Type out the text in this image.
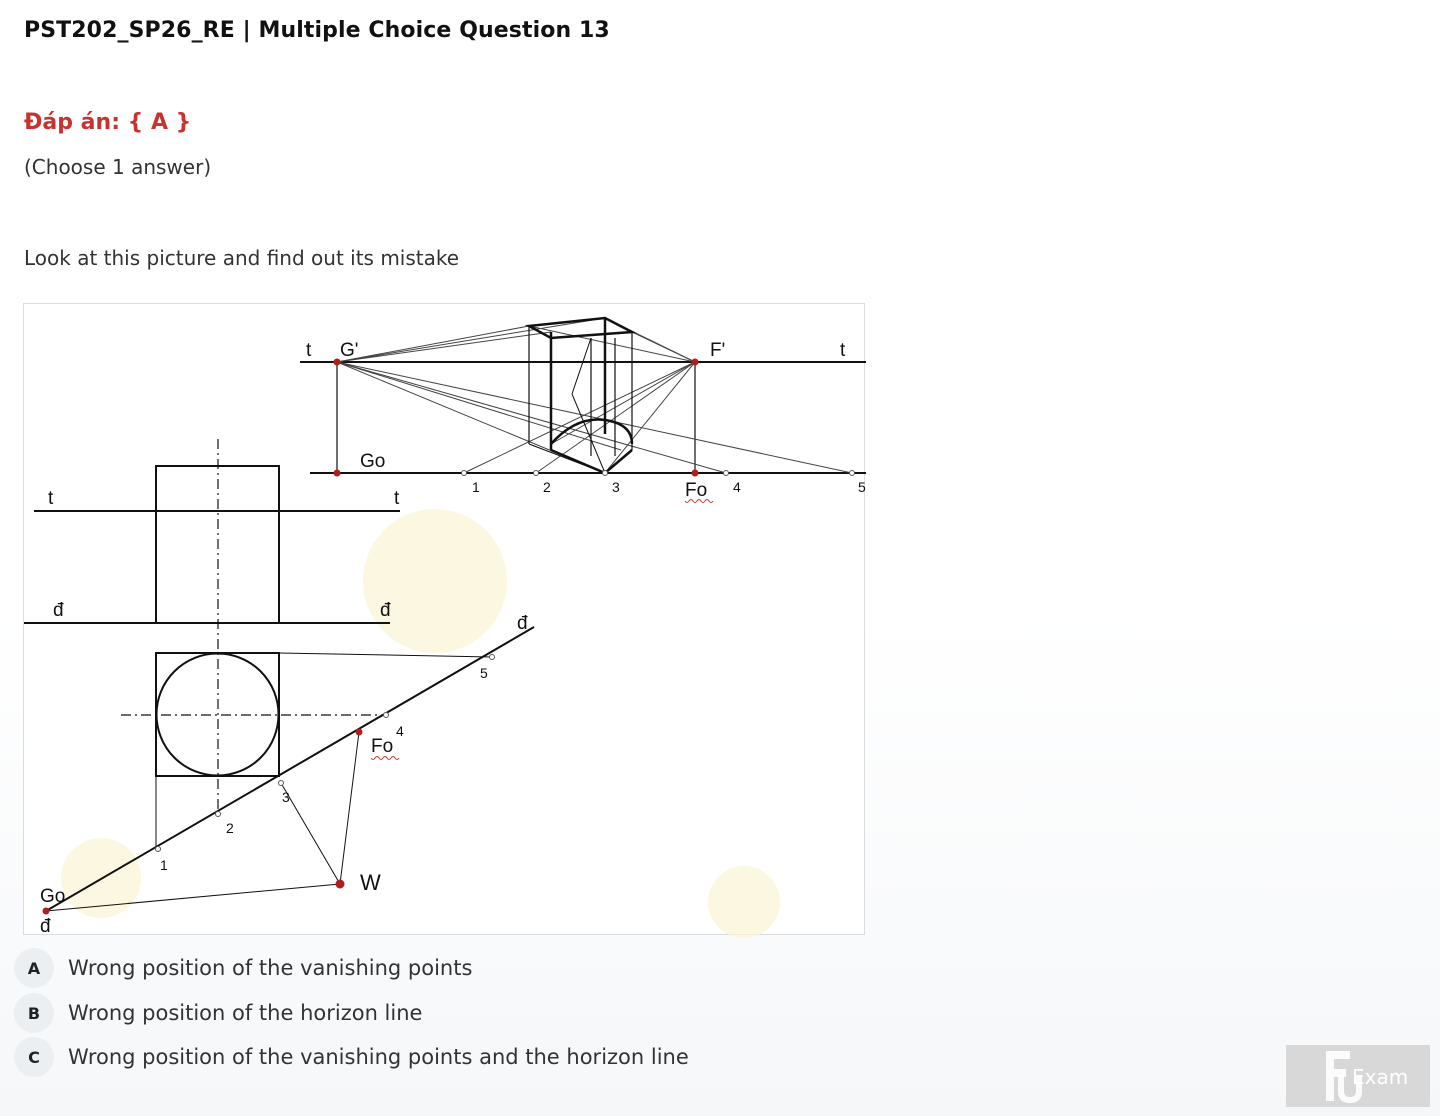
PST202_SP26_RE | Multiple Choice Question 13
Đáp án: { A }
(Choose 1 answer)
Look at this picture and find out its mistake
t G'	F'	t
Go
Fo
1	2	3	4	5
t	t
đ	đ
đ
Go
đ
Fo
W
1
2
3
4
5
A	Wrong position of the vanishing points
B	Wrong position of the horizon line
C	Wrong position of the vanishing points and the horizon line
Exam
